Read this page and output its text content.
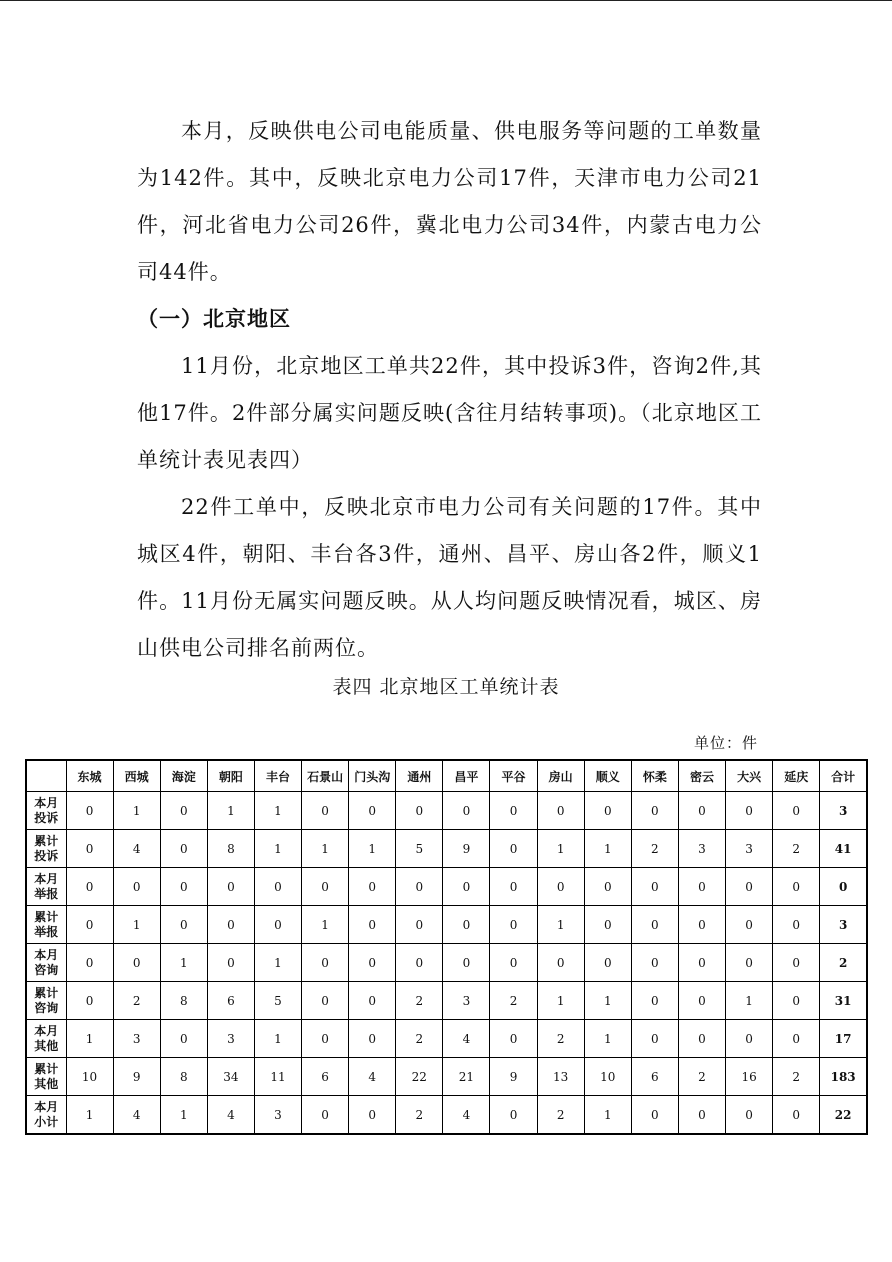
本月，反映供电公司电能质量、供电服务等问题的工单数量为142件。其中，反映北京电力公司17件，天津市电力公司21件，河北省电力公司26件，冀北电力公司34件，内蒙古电力公司44件。

（一）北京地区

11月份，北京地区工单共22件，其中投诉3件，咨询2件,其他17件。2件部分属实问题反映(含往月结转事项)。（北京地区工单统计表见表四）

22件工单中，反映北京市电力公司有关问题的17件。其中城区4件，朝阳、丰台各3件，通州、昌平、房山各2件，顺义1件。11月份无属实问题反映。从人均问题反映情况看，城区、房山供电公司排名前两位。

表四 北京地区工单统计表
单位：件
	东城	西城	海淀	朝阳	丰台	石景山	门头沟	通州	昌平	平谷	房山	顺义	怀柔	密云	大兴	延庆	合计

本月
投诉	0	1	0	1	1	0	0	0	0	0	0	0	0	0	0	0	3

累计
投诉	0	4	0	8	1	1	1	5	9	0	1	1	2	3	3	2	41

本月
举报	0	0	0	0	0	0	0	0	0	0	0	0	0	0	0	0	0

累计
举报	0	1	0	0	0	1	0	0	0	0	1	0	0	0	0	0	3

本月
咨询	0	0	1	0	1	0	0	0	0	0	0	0	0	0	0	0	2

累计
咨询	0	2	8	6	5	0	0	2	3	2	1	1	0	0	1	0	31

本月
其他	1	3	0	3	1	0	0	2	4	0	2	1	0	0	0	0	17

累计
其他	10	9	8	34	11	6	4	22	21	9	13	10	6	2	16	2	183

本月
小计	1	4	1	4	3	0	0	2	4	0	2	1	0	0	0	0	22
